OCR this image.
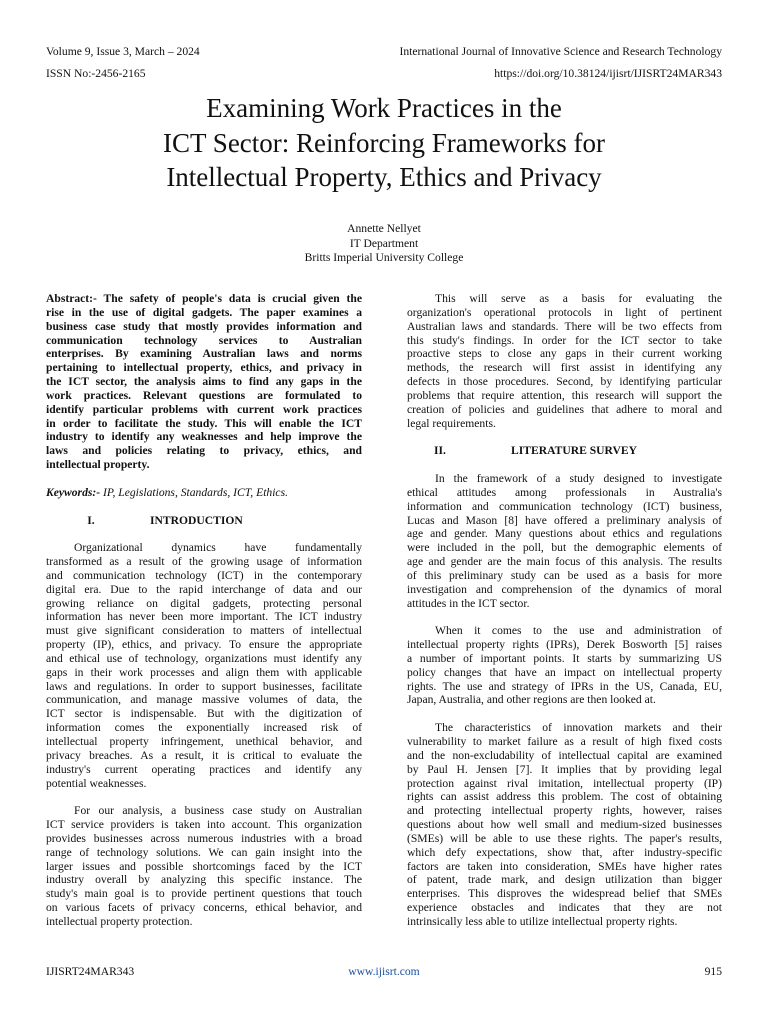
Volume 9, Issue 3, March – 2024
ISSN No:-2456-2165
International Journal of Innovative Science and Research Technology
https://doi.org/10.38124/ijisrt/IJISRT24MAR343
Examining Work Practices in the
ICT Sector: Reinforcing Frameworks for
Intellectual Property, Ethics and Privacy
Annette Nellyet
IT Department
Britts Imperial University College
Abstract:- The safety of people's data is crucial given the
rise in the use of digital gadgets. The paper examines a
business case study that mostly provides information and
communication technology services to Australian
enterprises. By examining Australian laws and norms
pertaining to intellectual property, ethics, and privacy in
the ICT sector, the analysis aims to find any gaps in the
work practices. Relevant questions are formulated to
identify particular problems with current work practices
in order to facilitate the study. This will enable the ICT
industry to identify any weaknesses and help improve the
laws and policies relating to privacy, ethics, and
intellectual property.
Keywords:- IP, Legislations, Standards, ICT, Ethics.
I.	INTRODUCTION
Organizational dynamics have fundamentally
transformed as a result of the growing usage of information
and communication technology (ICT) in the contemporary
digital era. Due to the rapid interchange of data and our
growing reliance on digital gadgets, protecting personal
information has never been more important. The ICT industry
must give significant consideration to matters of intellectual
property (IP), ethics, and privacy. To ensure the appropriate
and ethical use of technology, organizations must identify any
gaps in their work processes and align them with applicable
laws and regulations. In order to support businesses, facilitate
communication, and manage massive volumes of data, the
ICT sector is indispensable. But with the digitization of
information comes the exponentially increased risk of
intellectual property infringement, unethical behavior, and
privacy breaches. As a result, it is critical to evaluate the
industry's current operating practices and identify any
potential weaknesses.
For our analysis, a business case study on Australian
ICT service providers is taken into account. This organization
provides businesses across numerous industries with a broad
range of technology solutions. We can gain insight into the
larger issues and possible shortcomings faced by the ICT
industry overall by analyzing this specific instance. The
study's main goal is to provide pertinent questions that touch
on various facets of privacy concerns, ethical behavior, and
intellectual property protection.
This will serve as a basis for evaluating the
organization's operational protocols in light of pertinent
Australian laws and standards. There will be two effects from
this study's findings. In order for the ICT sector to take
proactive steps to close any gaps in their current working
methods, the research will first assist in identifying any
defects in those procedures. Second, by identifying particular
problems that require attention, this research will support the
creation of policies and guidelines that adhere to moral and
legal requirements.
II.	LITERATURE SURVEY
In the framework of a study designed to investigate
ethical attitudes among professionals in Australia's
information and communication technology (ICT) business,
Lucas and Mason [8] have offered a preliminary analysis of
age and gender. Many questions about ethics and regulations
were included in the poll, but the demographic elements of
age and gender are the main focus of this analysis. The results
of this preliminary study can be used as a basis for more
investigation and comprehension of the dynamics of moral
attitudes in the ICT sector.
When it comes to the use and administration of
intellectual property rights (IPRs), Derek Bosworth [5] raises
a number of important points. It starts by summarizing US
policy changes that have an impact on intellectual property
rights. The use and strategy of IPRs in the US, Canada, EU,
Japan, Australia, and other regions are then looked at.
The characteristics of innovation markets and their
vulnerability to market failure as a result of high fixed costs
and the non-excludability of intellectual capital are examined
by Paul H. Jensen [7]. It implies that by providing legal
protection against rival imitation, intellectual property (IP)
rights can assist address this problem. The cost of obtaining
and protecting intellectual property rights, however, raises
questions about how well small and medium-sized businesses
(SMEs) will be able to use these rights. The paper's results,
which defy expectations, show that, after industry-specific
factors are taken into consideration, SMEs have higher rates
of patent, trade mark, and design utilization than bigger
enterprises. This disproves the widespread belief that SMEs
experience obstacles and indicates that they are not
intrinsically less able to utilize intellectual property rights.
IJISRT24MAR343	www.ijisrt.com	915
